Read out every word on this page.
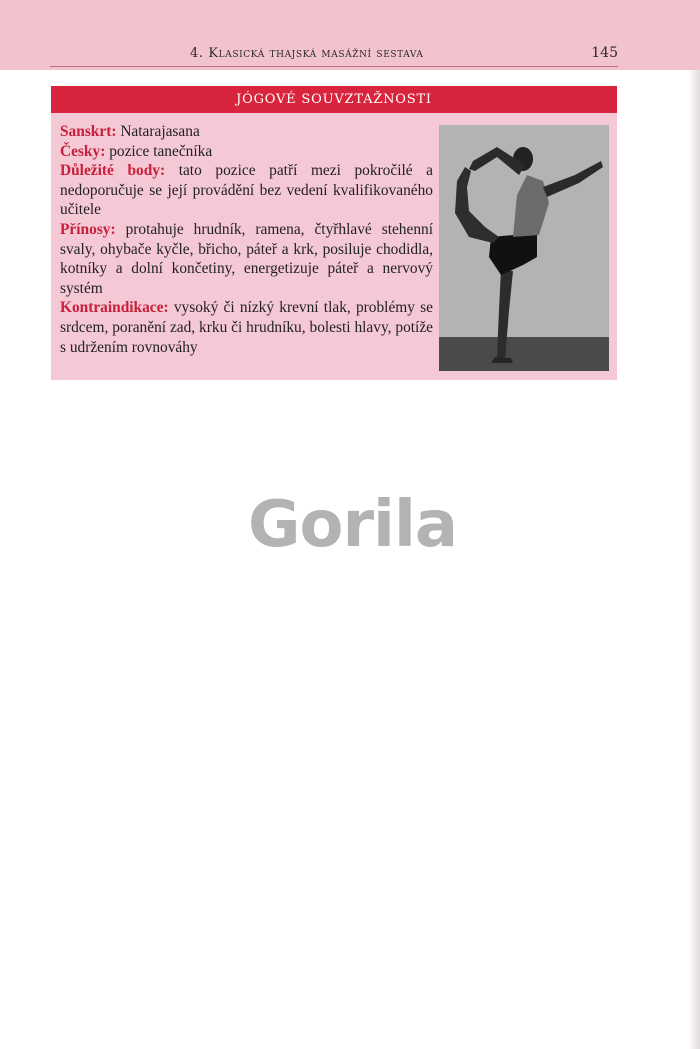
4. Klasická thajská masážní sestava	145
JÓGOVÉ SOUVZTAŽNOSTI

Sanskrt: Natarajasana

Česky: pozice tanečníka

Důležité body: tato pozice patří mezi pokročilé a nedoporučuje se její provádění bez vedení kvalifikovaného učitele

Přínosy: protahuje hrudník, ramena, čtyřhlavé stehenní svaly, ohybače kyčle, břicho, páteř a krk, posiluje chodidla, kotníky a dolní končetiny, energetizuje páteř a nervový systém

Kontraindikace: vysoký či nízký krevní tlak, problémy se srdcem, poranění zad, krku či hrudníku, bolesti hlavy, potíže s udržením rovnováhy

Gorila
